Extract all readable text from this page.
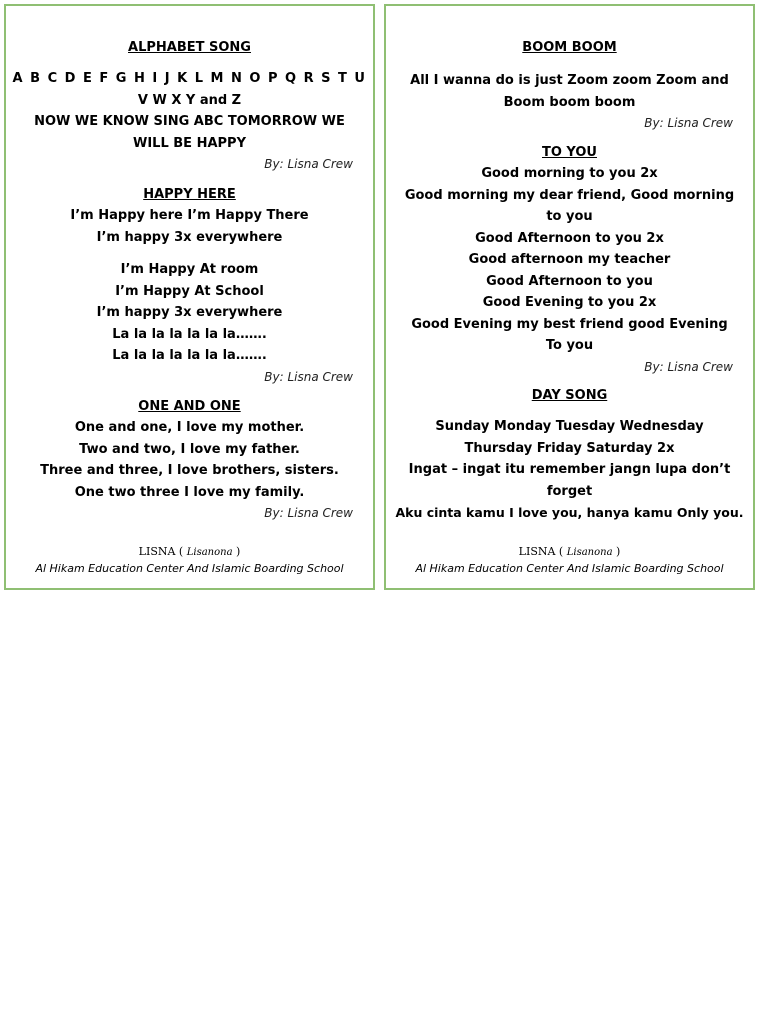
ALPHABET SONG

A B C D E F G H I J K L M N O P Q R S T U

V W X Y and Z

NOW WE KNOW SING ABC TOMORROW WE

WILL BE HAPPY

By: Lisna Crew

HAPPY HERE

I’m Happy here I’m Happy There

I’m happy 3x everywhere

I’m Happy At room

I’m Happy At School

I’m happy 3x everywhere

La la la la la la la…….

La la la la la la la…….

By: Lisna Crew

ONE AND ONE

One and one, I love my mother.

Two and two, I love my father.

Three and three, I love brothers, sisters.

One two three I love my family.

By: Lisna Crew

LISNA ( Lisanona )

Al Hikam Education Center And Islamic Boarding School

BOOM BOOM

All I wanna do is just Zoom zoom Zoom and

Boom boom boom

By: Lisna Crew

TO YOU

Good morning to you 2x

Good morning my dear friend, Good morning

to you

Good Afternoon to you 2x

Good afternoon my teacher

Good Afternoon to you

Good Evening to you 2x

Good Evening my best friend good Evening

To you

By: Lisna Crew

DAY SONG

Sunday Monday Tuesday Wednesday

Thursday Friday Saturday 2x

Ingat – ingat itu remember jangn lupa don’t

forget

Aku cinta kamu I love you, hanya kamu Only you.

LISNA ( Lisanona )

Al Hikam Education Center And Islamic Boarding School
